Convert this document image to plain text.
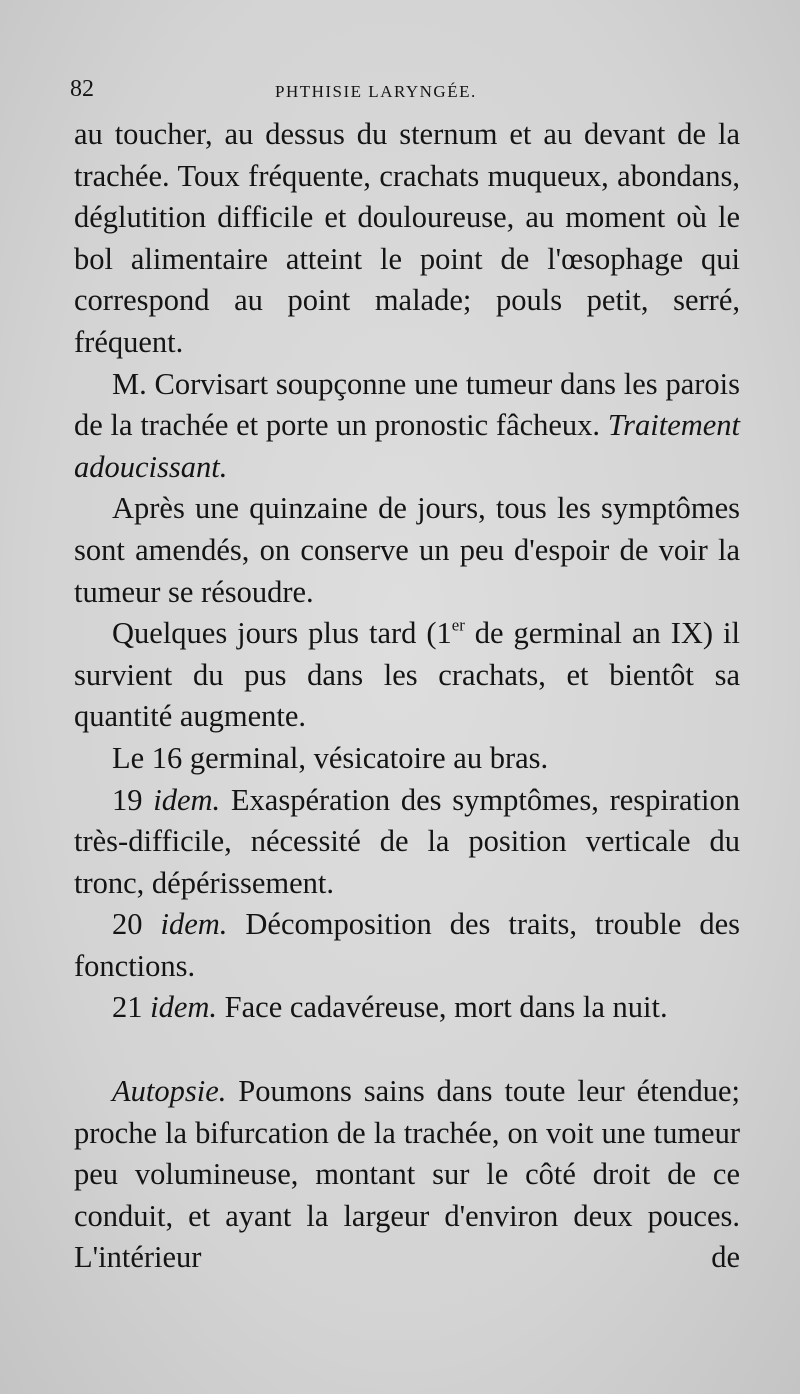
82	PHTHISIE LARYNGÉE.

au toucher, au dessus du sternum et au devant de la trachée. Toux fréquente, crachats muqueux, abondans, déglutition difficile et douloureuse, au moment où le bol alimentaire atteint le point de l'œsophage qui correspond au point malade; pouls petit, serré, fréquent.

M. Corvisart soupçonne une tumeur dans les parois de la trachée et porte un pronostic fâcheux. Traitement adoucissant.

Après une quinzaine de jours, tous les symptômes sont amendés, on conserve un peu d'espoir de voir la tumeur se résoudre.

Quelques jours plus tard (1er de germinal an IX) il survient du pus dans les crachats, et bientôt sa quantité augmente.

Le 16 germinal, vésicatoire au bras.

19 idem. Exaspération des symptômes, respiration très-difficile, nécessité de la position verticale du tronc, dépérissement.

20 idem. Décomposition des traits, trouble des fonctions.

21 idem. Face cadavéreuse, mort dans la nuit.

Autopsie. Poumons sains dans toute leur étendue; proche la bifurcation de la trachée, on voit une tumeur peu volumineuse, montant sur le côté droit de ce conduit, et ayant la largeur d'environ deux pouces. L'intérieur de
